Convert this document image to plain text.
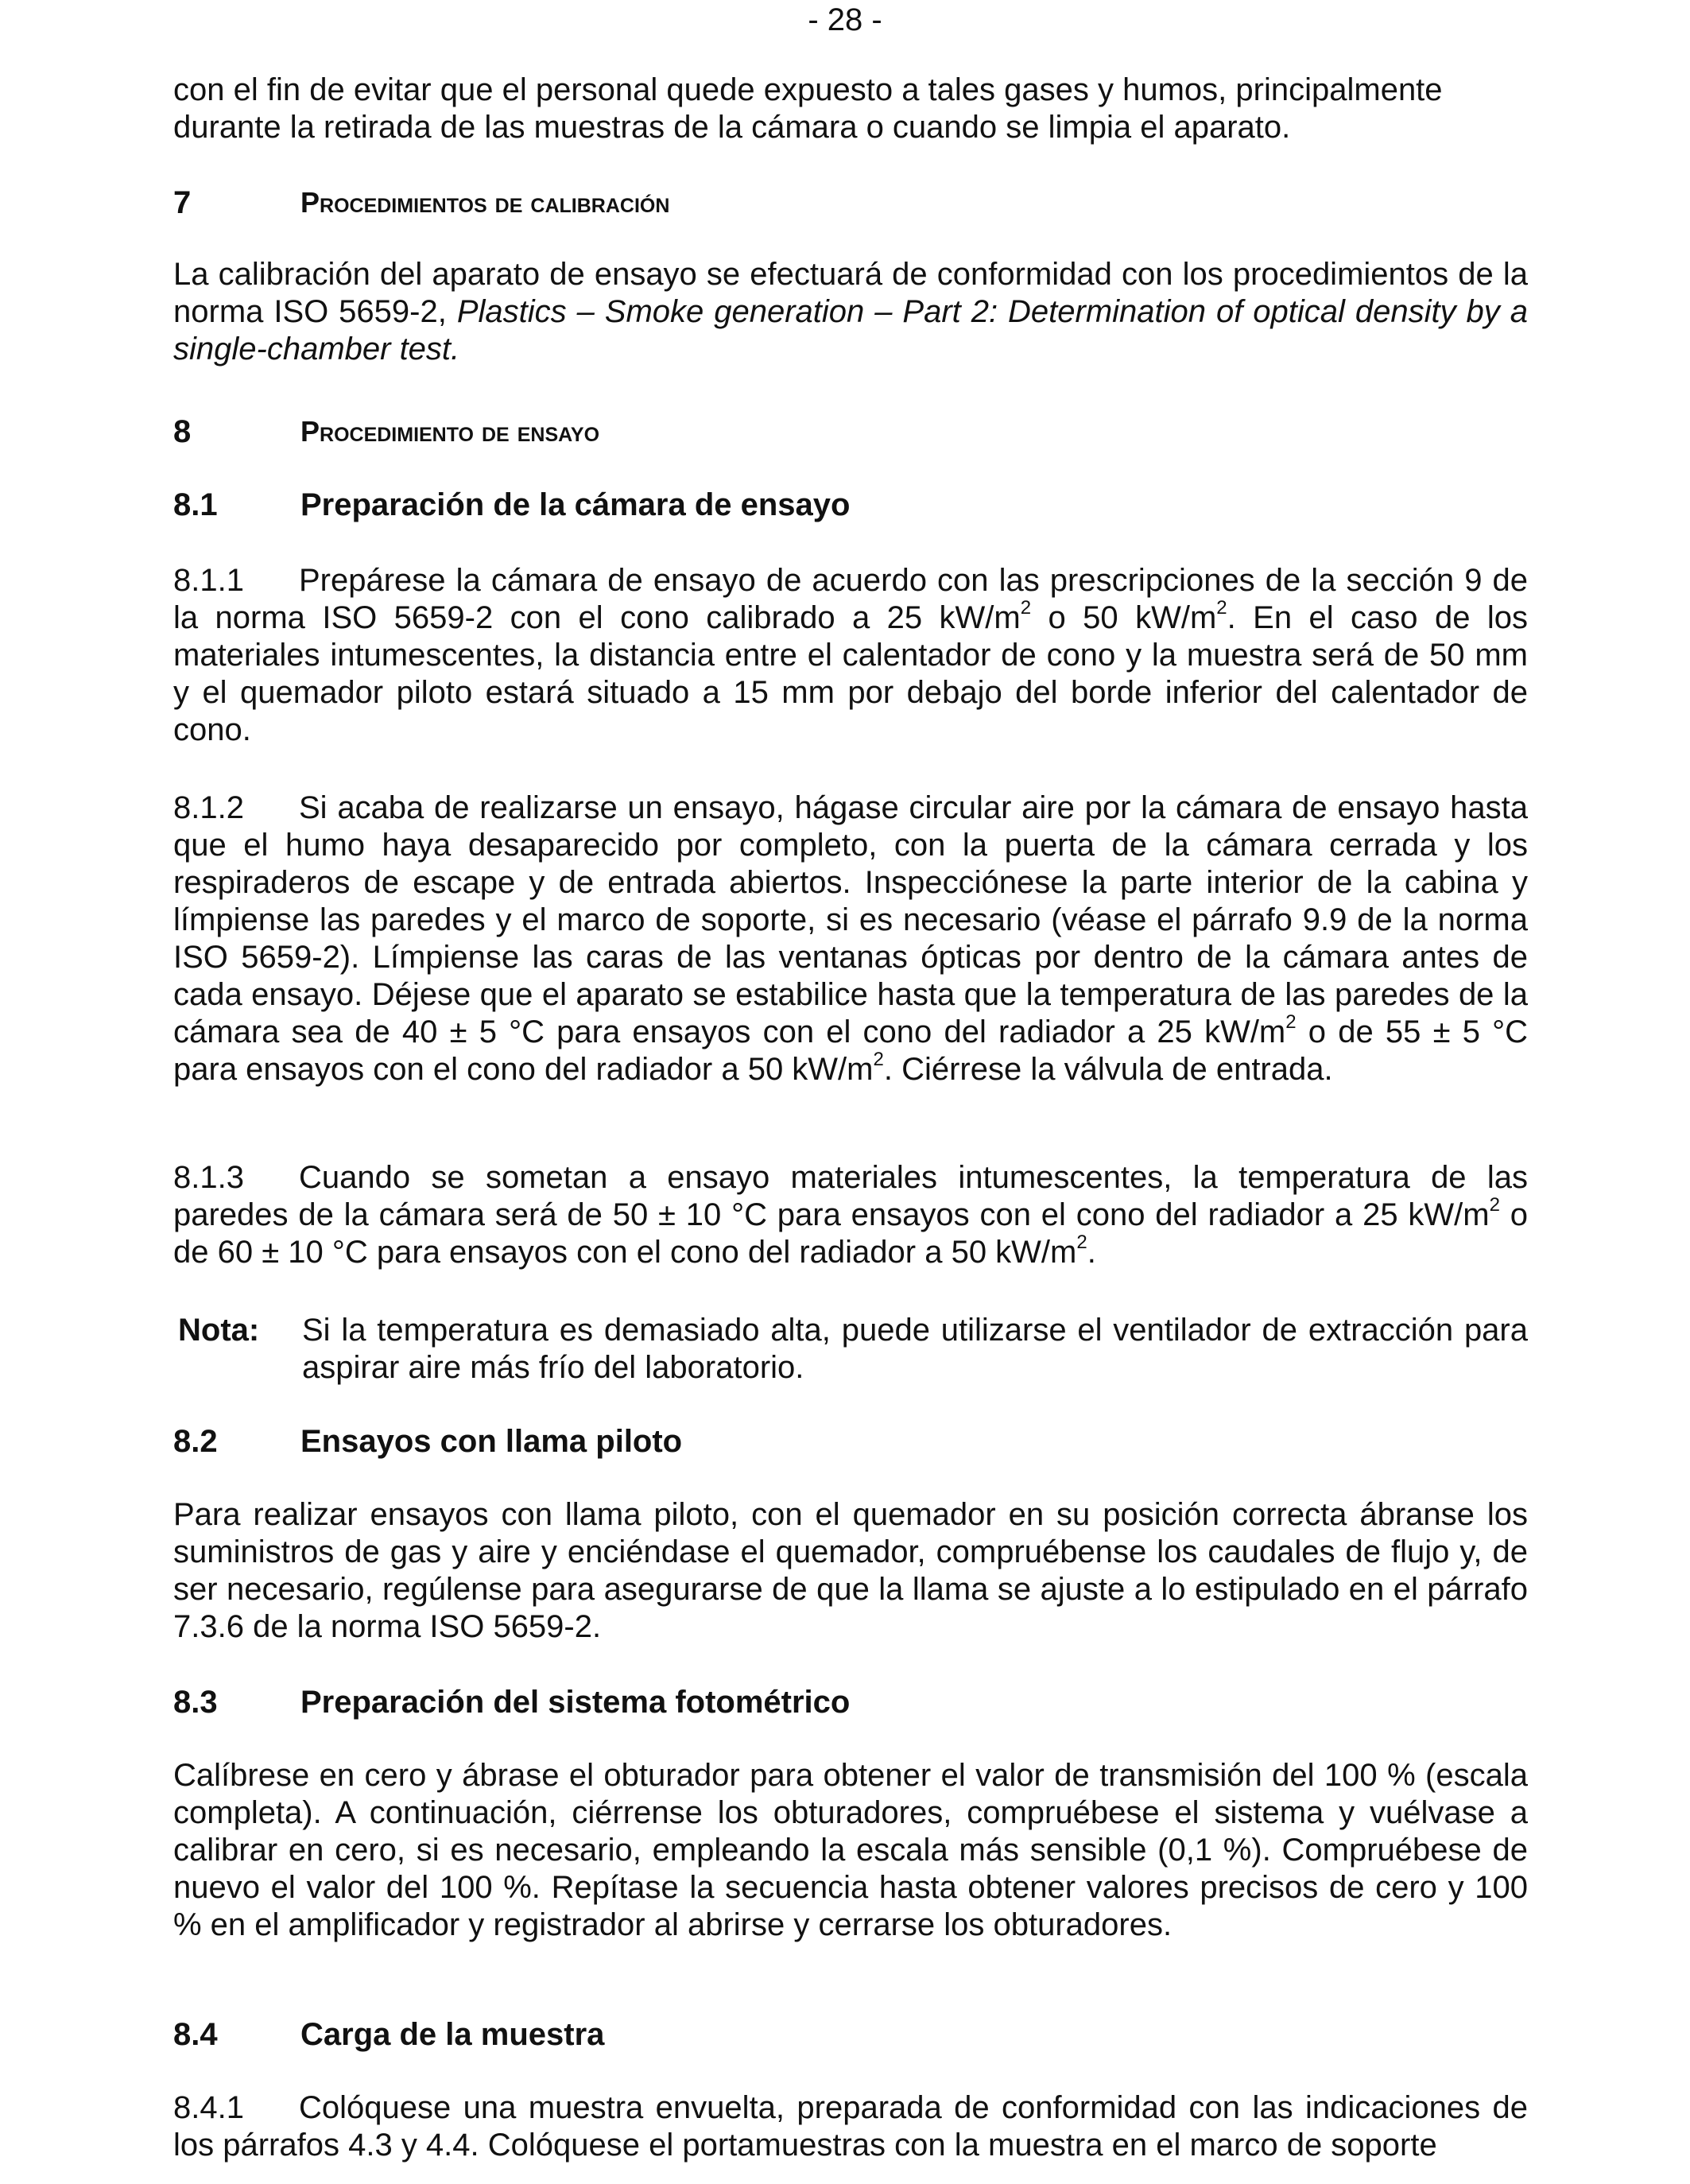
- 28 -
con el fin de evitar que el personal quede expuesto a tales gases y humos, principalmente
durante la retirada de las muestras de la cámara o cuando se limpia el aparato.
7	Procedimientos de calibración
La calibración del aparato de ensayo se efectuará de conformidad con los procedimientos de la norma ISO 5659-2, Plastics – Smoke generation – Part 2: Determination of optical density by a single-chamber test.
8	Procedimiento de ensayo
8.1	Preparación de la cámara de ensayo
8.1.1 Prepárese la cámara de ensayo de acuerdo con las prescripciones de la sección 9 de la norma ISO 5659-2 con el cono calibrado a 25 $kW/m^2$ o 50 $kW/m^2$. En el caso de los materiales intumescentes, la distancia entre el calentador de cono y la muestra será de 50 mm y el quemador piloto estará situado a 15 mm por debajo del borde inferior del calentador de cono.
8.1.2 Si acaba de realizarse un ensayo, hágase circular aire por la cámara de ensayo hasta que el humo haya desaparecido por completo, con la puerta de la cámara cerrada y los respiraderos de escape y de entrada abiertos. Inspecciónese la parte interior de la cabina y límpiense las paredes y el marco de soporte, si es necesario (véase el párrafo 9.9 de la norma ISO 5659-2). Límpiense las caras de las ventanas ópticas por dentro de la cámara antes de cada ensayo. Déjese que el aparato se estabilice hasta que la temperatura de las paredes de la cámara sea de 40 ± 5 °C para ensayos con el cono del radiador a 25 $kW/m^2$ o de 55 ± 5 °C para ensayos con el cono del radiador a 50 $kW/m^2$. Ciérrese la válvula de entrada.
8.1.3 Cuando se sometan a ensayo materiales intumescentes, la temperatura de las paredes de la cámara será de 50 ± 10 °C para ensayos con el cono del radiador a 25 $kW/m^2$ o de 60 ± 10 °C para ensayos con el cono del radiador a 50 $kW/m^2$.
Nota: Si la temperatura es demasiado alta, puede utilizarse el ventilador de extracción para aspirar aire más frío del laboratorio.
8.2	Ensayos con llama piloto
Para realizar ensayos con llama piloto, con el quemador en su posición correcta ábranse los suministros de gas y aire y enciéndase el quemador, compruébense los caudales de flujo y, de ser necesario, regúlense para asegurarse de que la llama se ajuste a lo estipulado en el párrafo 7.3.6 de la norma ISO 5659-2.
8.3	Preparación del sistema fotométrico
Calíbrese en cero y ábrase el obturador para obtener el valor de transmisión del 100 % (escala completa). A continuación, ciérrense los obturadores, compruébese el sistema y vuélvase a calibrar en cero, si es necesario, empleando la escala más sensible (0,1 %). Compruébese de nuevo el valor del 100 %. Repítase la secuencia hasta obtener valores precisos de cero y 100 % en el amplificador y registrador al abrirse y cerrarse los obturadores.
8.4	Carga de la muestra
8.4.1 Colóquese una muestra envuelta, preparada de conformidad con las indicaciones de los párrafos 4.3 y 4.4. Colóquese el portamuestras con la muestra en el marco de soporte
